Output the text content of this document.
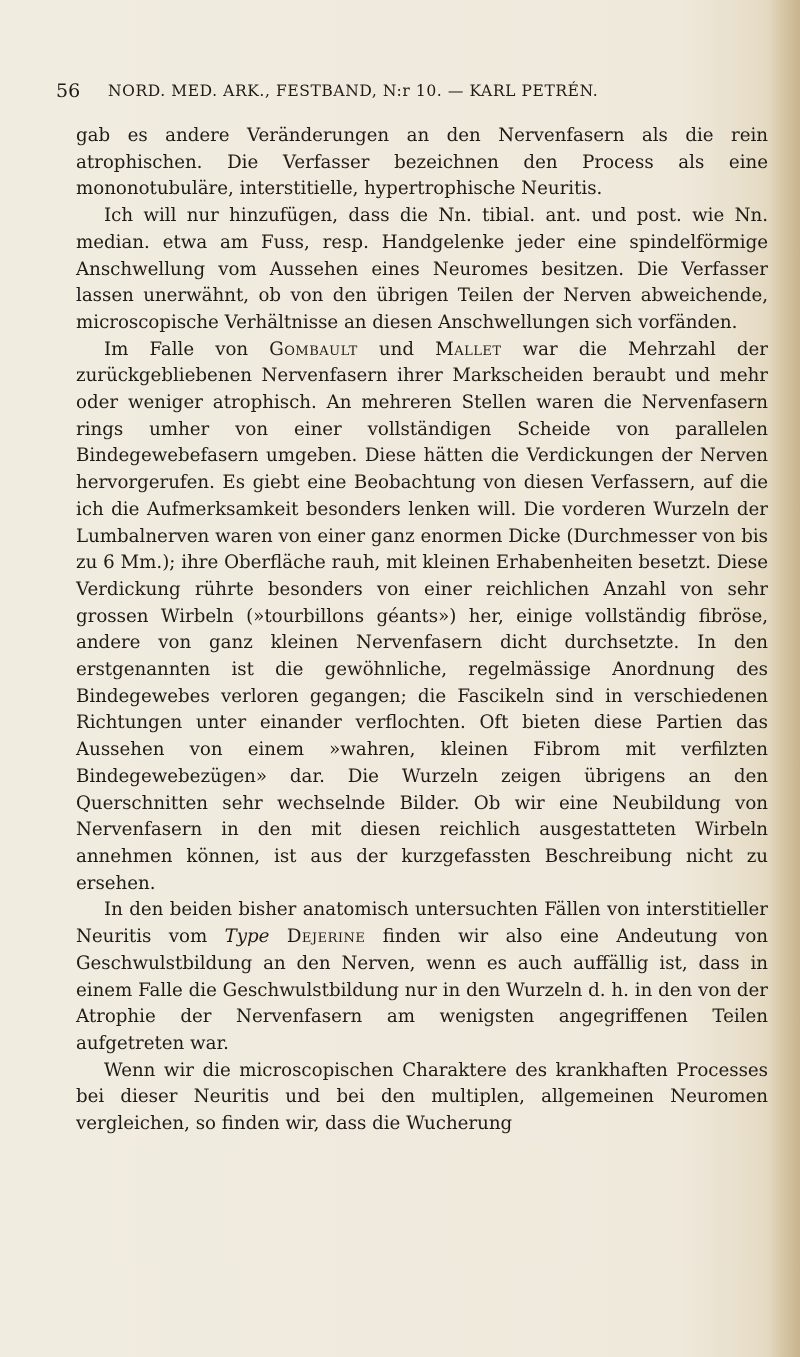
56 NORD. MED. ARK., FESTBAND, N:r 10. — KARL PETRÉN.

gab es andere Veränderungen an den Nervenfasern als die rein atrophischen. Die Verfasser bezeichnen den Process als eine mononotubuläre, interstitielle, hypertrophische Neuritis.

Ich will nur hinzufügen, dass die Nn. tibial. ant. und post. wie Nn. median. etwa am Fuss, resp. Handgelenke jeder eine spindelförmige Anschwellung vom Aussehen eines Neuromes besitzen. Die Verfasser lassen unerwähnt, ob von den übrigen Teilen der Nerven abweichende, microscopische Verhältnisse an diesen Anschwellungen sich vorfänden.

Im Falle von Gombault und Mallet war die Mehrzahl der zurückgebliebenen Nervenfasern ihrer Markscheiden beraubt und mehr oder weniger atrophisch. An mehreren Stellen waren die Nervenfasern rings umher von einer vollständigen Scheide von parallelen Bindegewebefasern umgeben. Diese hätten die Verdickungen der Nerven hervorgerufen. Es giebt eine Beobachtung von diesen Verfassern, auf die ich die Aufmerksamkeit besonders lenken will. Die vorderen Wurzeln der Lumbalnerven waren von einer ganz enormen Dicke (Durchmesser von bis zu 6 Mm.); ihre Oberfläche rauh, mit kleinen Erhabenheiten besetzt. Diese Verdickung rührte besonders von einer reichlichen Anzahl von sehr grossen Wirbeln (»tourbillons géants») her, einige vollständig fibröse, andere von ganz kleinen Nervenfasern dicht durchsetzte. In den erstgenannten ist die gewöhnliche, regelmässige Anordnung des Bindegewebes verloren gegangen; die Fascikeln sind in verschiedenen Richtungen unter einander verflochten. Oft bieten diese Partien das Aussehen von einem »wahren, kleinen Fibrom mit verfilzten Bindegewebezügen» dar. Die Wurzeln zeigen übrigens an den Querschnitten sehr wechselnde Bilder. Ob wir eine Neubildung von Nervenfasern in den mit diesen reichlich ausgestatteten Wirbeln annehmen können, ist aus der kurzgefassten Beschreibung nicht zu ersehen.

In den beiden bisher anatomisch untersuchten Fällen von interstitieller Neuritis vom Type Dejerine finden wir also eine Andeutung von Geschwulstbildung an den Nerven, wenn es auch auffällig ist, dass in einem Falle die Geschwulstbildung nur in den Wurzeln d. h. in den von der Atrophie der Nervenfasern am wenigsten angegriffenen Teilen aufgetreten war.

Wenn wir die microscopischen Charaktere des krankhaften Processes bei dieser Neuritis und bei den multiplen, allgemeinen Neuromen vergleichen, so finden wir, dass die Wucherung
